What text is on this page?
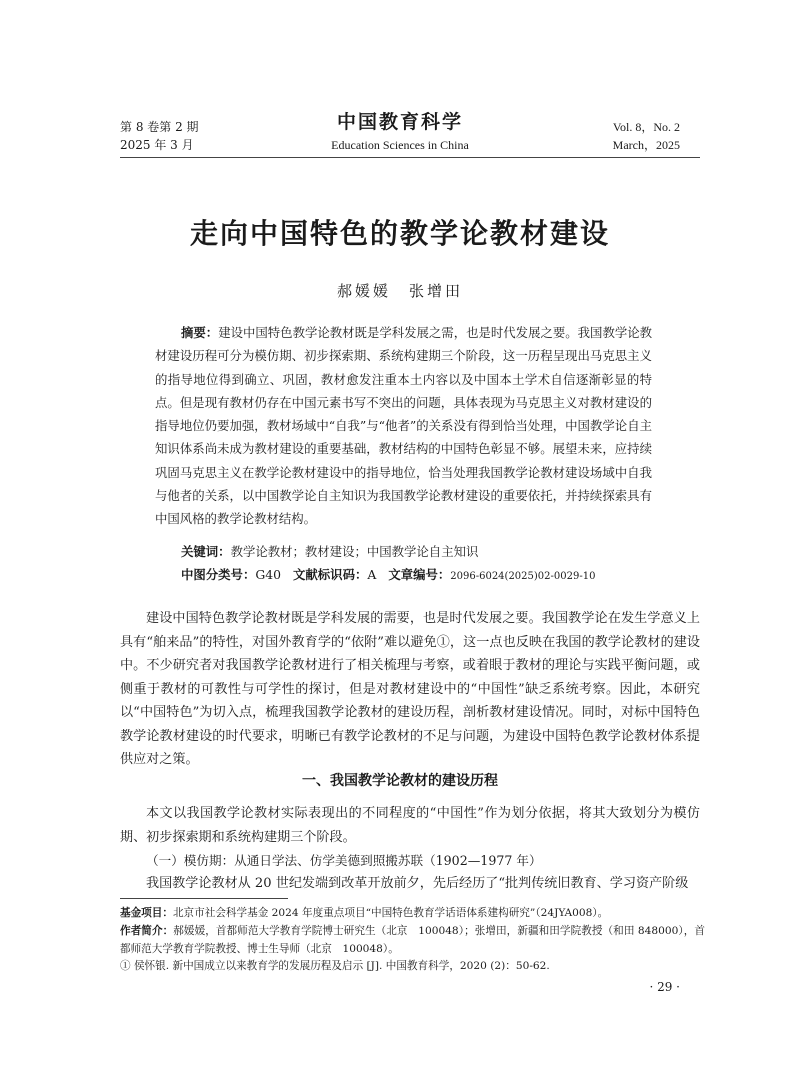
第 8 卷第 2 期
2025 年 3 月
中国教育科学
Education Sciences in China
Vol. 8，No. 2
March，2025
走向中国特色的教学论教材建设
郝媛媛　张增田
摘要：建设中国特色教学论教材既是学科发展之需，也是时代发展之要。我国教学论教材建设历程可分为模仿期、初步探索期、系统构建期三个阶段，这一历程呈现出马克思主义的指导地位得到确立、巩固，教材愈发注重本土内容以及中国本土学术自信逐渐彰显的特点。但是现有教材仍存在中国元素书写不突出的问题，具体表现为马克思主义对教材建设的指导地位仍要加强，教材场域中“自我”与“他者”的关系没有得到恰当处理，中国教学论自主知识体系尚未成为教材建设的重要基础，教材结构的中国特色彰显不够。展望未来，应持续巩固马克思主义在教学论教材建设中的指导地位，恰当处理我国教学论教材建设场域中自我与他者的关系，以中国教学论自主知识为我国教学论教材建设的重要依托，并持续探索具有中国风格的教学论教材结构。
关键词：教学论教材；教材建设；中国教学论自主知识
中图分类号：G40 文献标识码：A 文章编号：2096-6024(2025)02-0029-10
建设中国特色教学论教材既是学科发展的需要，也是时代发展之要。我国教学论在发生学意义上具有“舶来品”的特性，对国外教育学的“依附”难以避免①，这一点也反映在我国的教学论教材的建设中。不少研究者对我国教学论教材进行了相关梳理与考察，或着眼于教材的理论与实践平衡问题，或侧重于教材的可教性与可学性的探讨，但是对教材建设中的“中国性”缺乏系统考察。因此，本研究以“中国特色”为切入点，梳理我国教学论教材的建设历程，剖析教材建设情况。同时，对标中国特色教学论教材建设的时代要求，明晰已有教学论教材的不足与问题，为建设中国特色教学论教材体系提供应对之策。
一、我国教学论教材的建设历程
本文以我国教学论教材实际表现出的不同程度的“中国性”作为划分依据，将其大致划分为模仿期、初步探索期和系统构建期三个阶段。
（一）模仿期：从通日学法、仿学美德到照搬苏联（1902—1977 年）
我国教学论教材从 20 世纪发端到改革开放前夕，先后经历了“批判传统旧教育、学习资产阶级
基金项目：北京市社会科学基金 2024 年度重点项目“中国特色教育学话语体系建构研究”（24JYA008）。
作者简介：郝媛媛，首都师范大学教育学院博士研究生（北京　100048）；张增田，新疆和田学院教授（和田 848000），首都师范大学教育学院教授、博士生导师（北京　100048）。
① 侯怀银. 新中国成立以来教育学的发展历程及启示 [J]. 中国教育科学，2020 (2)：50-62.
· 29 ·
